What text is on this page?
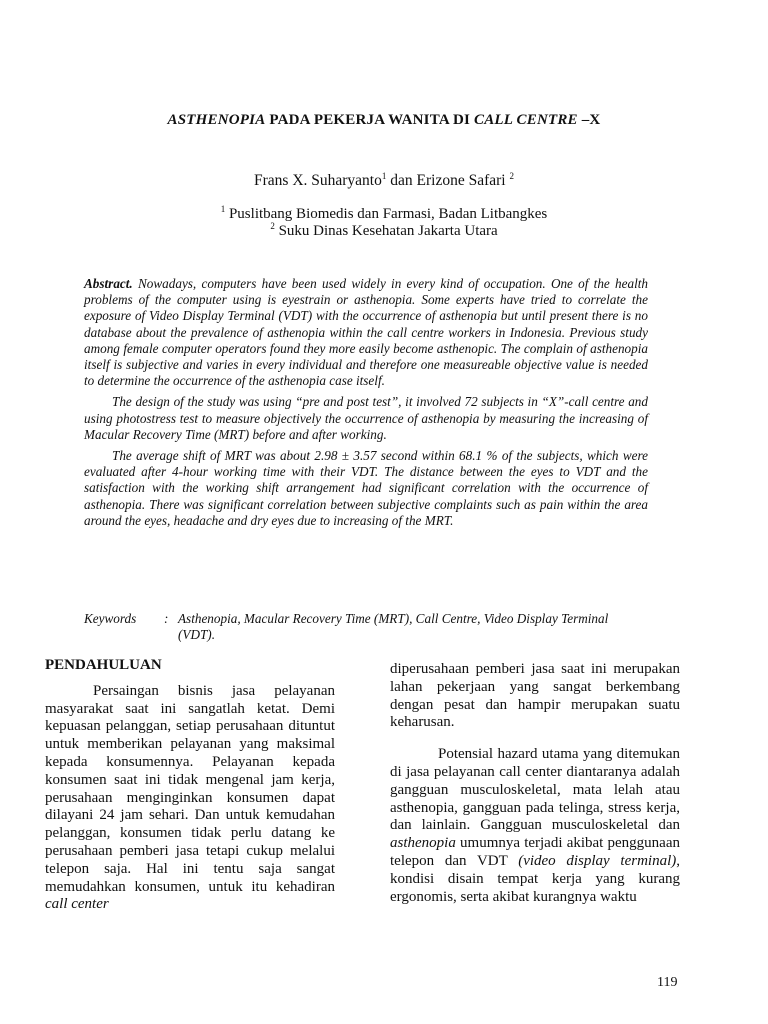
ASTHENOPIA PADA PEKERJA WANITA DI CALL CENTRE –X
Frans X. Suharyanto$^1$ dan Erizone Safari $^2$
$^1$ Puslitbang Biomedis dan Farmasi, Badan Litbangkes
$^2$ Suku Dinas Kesehatan Jakarta Utara

Abstract. Nowadays, computers have been used widely in every kind of occupation. One of the health problems of the computer using is eyestrain or asthenopia. Some experts have tried to correlate the exposure of Video Display Terminal (VDT) with the occurrence of asthenopia but until present there is no database about the prevalence of asthenopia within the call centre workers in Indonesia. Previous study among female computer operators found they more easily become asthenopic. The complain of asthenopia itself is subjective and varies in every individual and therefore one measureable objective value is needed to determine the occurrence of the asthenopia case itself.

The design of the study was using “pre and post test”, it involved 72 subjects in “X”-call centre and using photostress test to measure objectively the occurrence of asthenopia by measuring the increasing of Macular Recovery Time (MRT) before and after working.

The average shift of MRT was about 2.98 ± 3.57 second within 68.1 % of the subjects, which were evaluated after 4-hour working time with their VDT. The distance between the eyes to VDT and the satisfaction with the working shift arrangement had significant correlation with the occurrence of asthenopia. There was significant correlation between subjective complaints such as pain within the area around the eyes, headache and dry eyes due to increasing of the MRT.

Keywords	: Asthenopia, Macular Recovery Time (MRT), Call Centre, Video Display Terminal (VDT).
PENDAHULUAN

Persaingan bisnis jasa pelayanan masyarakat saat ini sangatlah ketat. Demi kepuasan pelanggan, setiap perusahaan dituntut untuk memberikan pelayanan yang maksimal kepada konsumennya. Pelayanan kepada konsumen saat ini tidak mengenal jam kerja, perusahaan menginginkan konsumen dapat dilayani 24 jam sehari. Dan untuk kemudahan pelanggan, konsumen tidak perlu datang ke perusahaan pemberi jasa tetapi cukup melalui telepon saja. Hal ini tentu saja sangat memudahkan konsumen, untuk itu kehadiran call center

diperusahaan pemberi jasa saat ini merupakan lahan pekerjaan yang sangat berkembang dengan pesat dan hampir merupakan suatu keharusan.

Potensial hazard utama yang ditemukan di jasa pelayanan call center diantaranya adalah gangguan musculoskeletal, mata lelah atau asthenopia, gangguan pada telinga, stress kerja, dan lainlain. Gangguan musculoskeletal dan asthenopia umumnya terjadi akibat penggunaan telepon dan VDT (video display terminal), kondisi disain tempat kerja yang kurang ergonomis, serta akibat kurangnya waktu

119
